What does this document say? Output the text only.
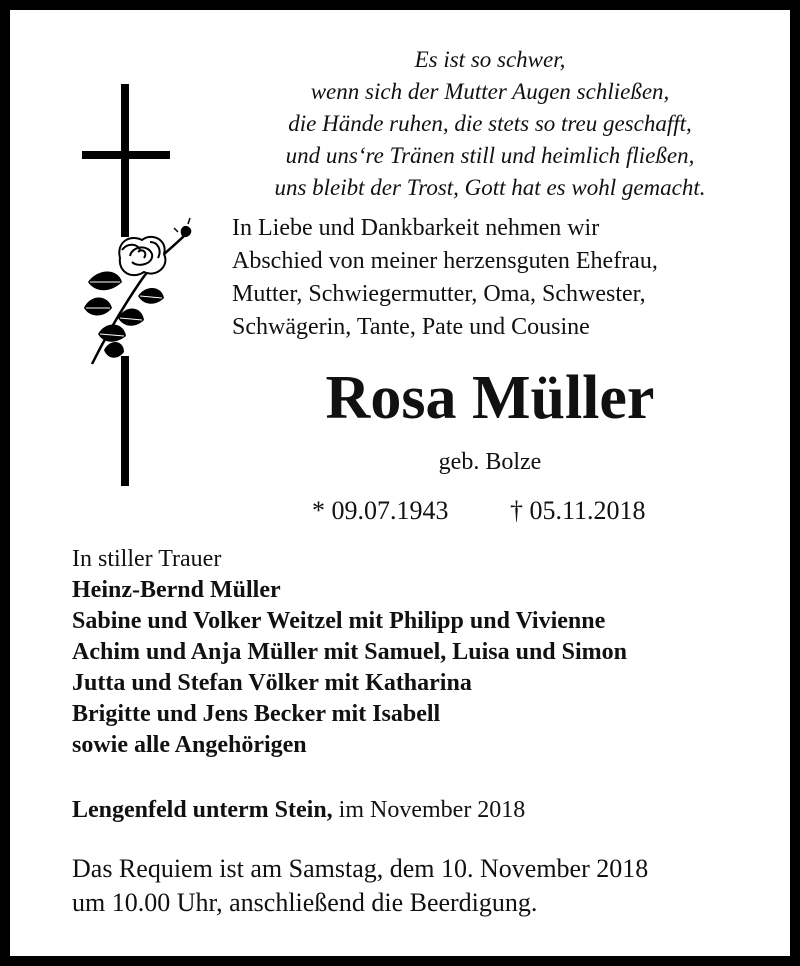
Es ist so schwer,
wenn sich der Mutter Augen schließen,
die Hände ruhen, die stets so treu geschafft,
und uns‘re Tränen still und heimlich fließen,
uns bleibt der Trost, Gott hat es wohl gemacht.
In Liebe und Dankbarkeit nehmen wir
Abschied von meiner herzensguten Ehefrau,
Mutter, Schwiegermutter, Oma, Schwester,
Schwägerin, Tante, Pate und Cousine
Rosa Müller
geb. Bolze
* 09.07.1943 † 05.11.2018
In stiller Trauer
Heinz-Bernd Müller
Sabine und Volker Weitzel mit Philipp und Vivienne
Achim und Anja Müller mit Samuel, Luisa und Simon
Jutta und Stefan Völker mit Katharina
Brigitte und Jens Becker mit Isabell
sowie alle Angehörigen
Lengenfeld unterm Stein, im November 2018
Das Requiem ist am Samstag, dem 10. November 2018
um 10.00 Uhr, anschließend die Beerdigung.
